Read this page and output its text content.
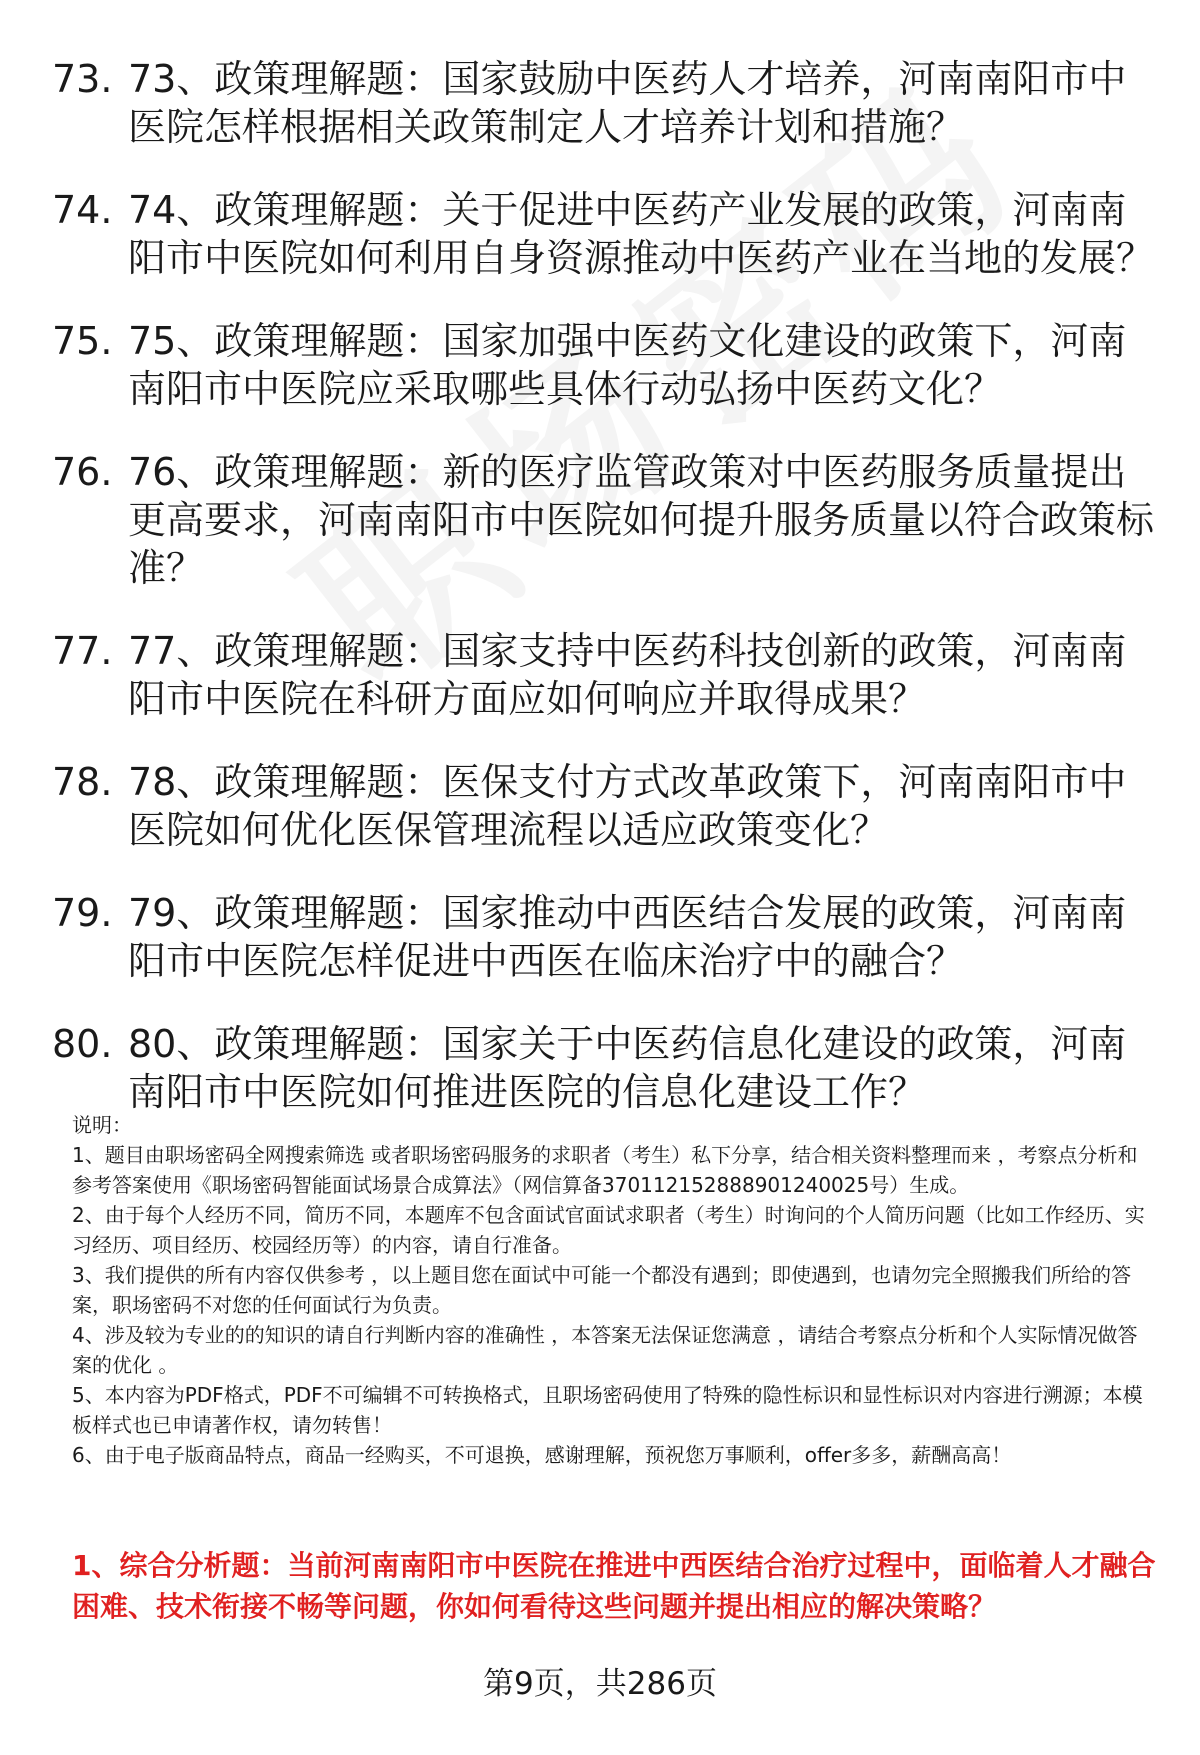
73. 73、政策理解题：国家鼓励中医药人才培养，河南南阳市中医院怎样根据相关政策制定人才培养计划和措施？
74. 74、政策理解题：关于促进中医药产业发展的政策，河南南阳市中医院如何利用自身资源推动中医药产业在当地的发展？
75. 75、政策理解题：国家加强中医药文化建设的政策下，河南南阳市中医院应采取哪些具体行动弘扬中医药文化？
76. 76、政策理解题：新的医疗监管政策对中医药服务质量提出更高要求，河南南阳市中医院如何提升服务质量以符合政策标准？
77. 77、政策理解题：国家支持中医药科技创新的政策，河南南阳市中医院在科研方面应如何响应并取得成果？
78. 78、政策理解题：医保支付方式改革政策下，河南南阳市中医院如何优化医保管理流程以适应政策变化？
79. 79、政策理解题：国家推动中西医结合发展的政策，河南南阳市中医院怎样促进中西医在临床治疗中的融合？
80. 80、政策理解题：国家关于中医药信息化建设的政策，河南南阳市中医院如何推进医院的信息化建设工作？

说明：

1、题目由职场密码全网搜索筛选 或者职场密码服务的求职者（考生）私下分享，结合相关资料整理而来 ，考察点分析和参考答案使用《职场密码智能面试场景合成算法》（网信算备370112152888901240025号）生成。

2、由于每个人经历不同，简历不同，本题库不包含面试官面试求职者（考生）时询问的个人简历问题（比如工作经历、实习经历、项目经历、校园经历等）的内容，请自行准备。

3、我们提供的所有内容仅供参考 ，以上题目您在面试中可能一个都没有遇到；即使遇到，也请勿完全照搬我们所给的答案，职场密码不对您的任何面试行为负责。

4、涉及较为专业的的知识的请自行判断内容的准确性 ，本答案无法保证您满意 ，请结合考察点分析和个人实际情况做答案的优化 。

5、本内容为PDF格式，PDF不可编辑不可转换格式，且职场密码使用了特殊的隐性标识和显性标识对内容进行溯源；本模板样式也已申请著作权，请勿转售！

6、由于电子版商品特点，商品一经购买，不可退换，感谢理解，预祝您万事顺利，offer多多，薪酬高高！

1、综合分析题：当前河南南阳市中医院在推进中西医结合治疗过程中，面临着人才融合困难、技术衔接不畅等问题，你如何看待这些问题并提出相应的解决策略？
第9页，共286页
